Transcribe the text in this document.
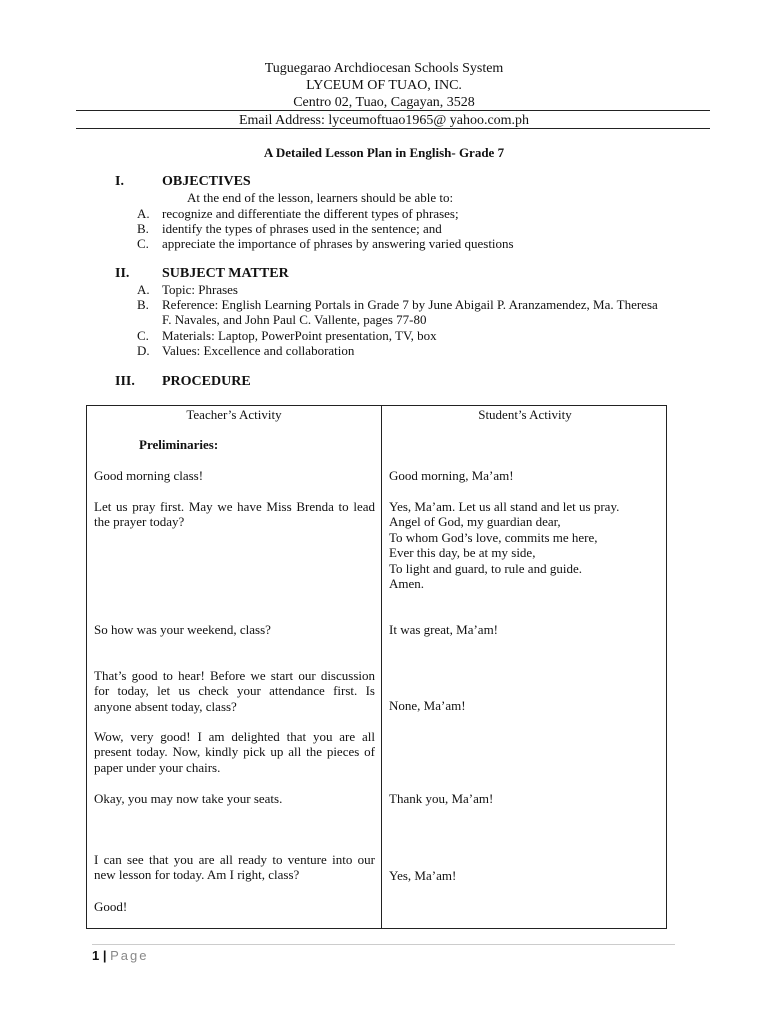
Tuguegarao Archdiocesan Schools System
LYCEUM OF TUAO, INC.
Centro 02, Tuao, Cagayan, 3528
Email Address: lyceumoftuao1965@ yahoo.com.ph
A Detailed Lesson Plan in English- Grade 7
I.	OBJECTIVES
At the end of the lesson, learners should be able to:
A. recognize and differentiate the different types of phrases;
B. identify the types of phrases used in the sentence; and
C. appreciate the importance of phrases by answering varied questions
II. SUBJECT MATTER
A. Topic: Phrases
B. Reference: English Learning Portals in Grade 7 by June Abigail P. Aranzamendez, Ma. Theresa F. Navales, and John Paul C. Vallente, pages 77-80
C. Materials: Laptop, PowerPoint presentation, TV, box
D. Values: Excellence and collaboration
III. PROCEDURE
Teacher’s Activity	Student’s Activity
Preliminaries:
Good morning class!
Let us pray first. May we have Miss Brenda to lead the prayer today?
So how was your weekend, class?
That’s good to hear! Before we start our discussion for today, let us check your attendance first. Is anyone absent today, class?
Wow, very good! I am delighted that you are all present today. Now, kindly pick up all the pieces of paper under your chairs.
Okay, you may now take your seats.
I can see that you are all ready to venture into our new lesson for today. Am I right, class?
Good!
Good morning, Ma’am!
Yes, Ma’am. Let us all stand and let us pray.
Angel of God, my guardian dear,
To whom God’s love, commits me here,
Ever this day, be at my side,
To light and guard, to rule and guide.
Amen.
It was great, Ma’am!
None, Ma’am!
Thank you, Ma’am!
Yes, Ma’am!
1 | Page
